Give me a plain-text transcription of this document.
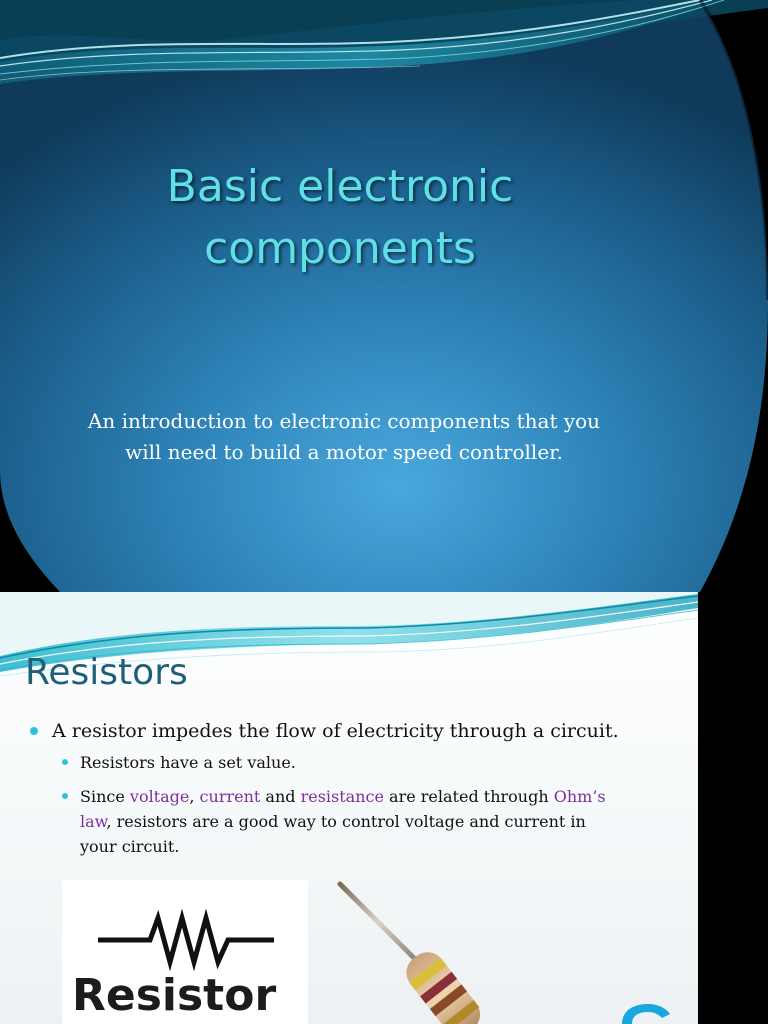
Basic electronic
components

An introduction to electronic components that you
will need to build a motor speed controller.

Resistors
A resistor impedes the flow of electricity through a circuit.
Resistors have a set value.
Since voltage, current and resistance are related through Ohm’s
law, resistors are a good way to control voltage and current in
your circuit.
Resistor
